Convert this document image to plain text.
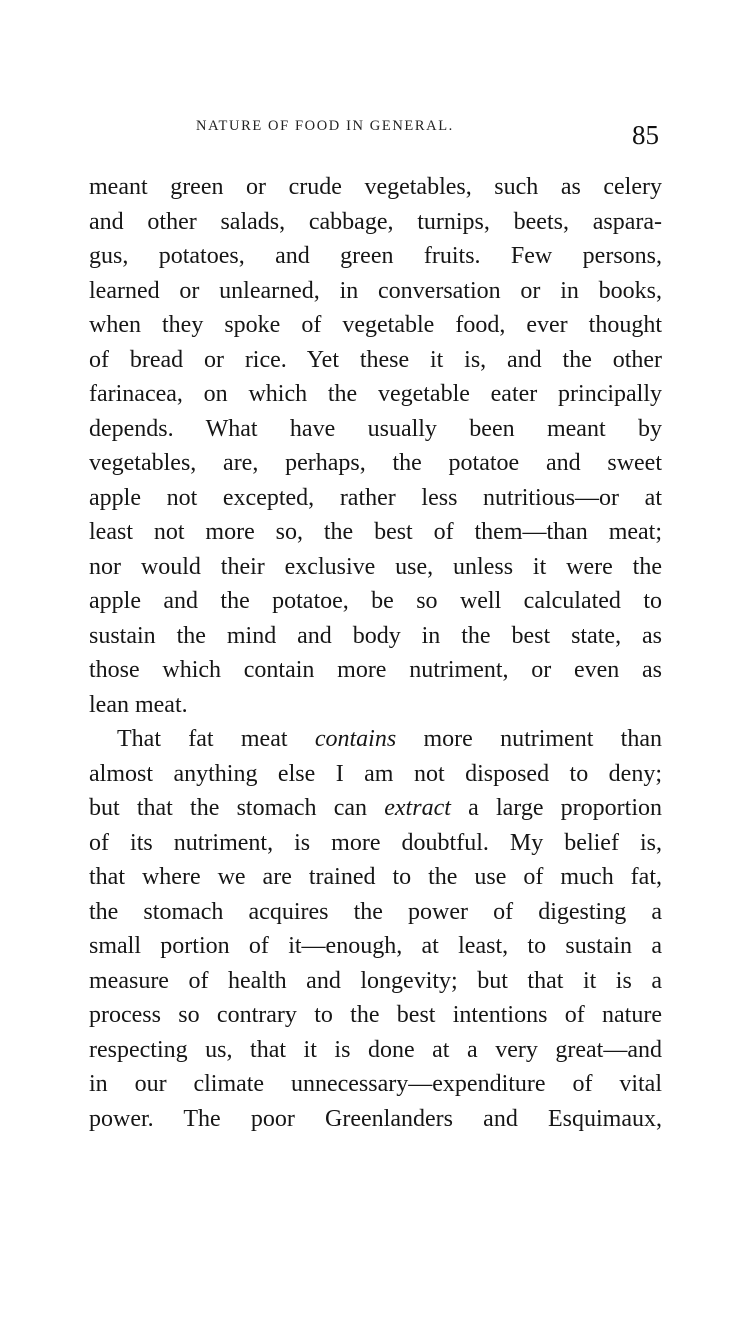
NATURE OF FOOD IN GENERAL.	85
meant green or crude vegetables, such as celery
and other salads, cabbage, turnips, beets, aspara-
gus, potatoes, and green fruits. Few persons,
learned or unlearned, in conversation or in books,
when they spoke of vegetable food, ever thought
of bread or rice. Yet these it is, and the other
farinacea, on which the vegetable eater principally
depends. What have usually been meant by
vegetables, are, perhaps, the potatoe and sweet
apple not excepted, rather less nutritious—or at
least not more so, the best of them—than meat;
nor would their exclusive use, unless it were the
apple and the potatoe, be so well calculated to
sustain the mind and body in the best state, as
those which contain more nutriment, or even as
lean meat.
That fat meat contains more nutriment than
almost anything else I am not disposed to deny;
but that the stomach can extract a large proportion
of its nutriment, is more doubtful. My belief is,
that where we are trained to the use of much fat,
the stomach acquires the power of digesting a
small portion of it—enough, at least, to sustain a
measure of health and longevity; but that it is a
process so contrary to the best intentions of nature
respecting us, that it is done at a very great—and
in our climate unnecessary—expenditure of vital
power. The poor Greenlanders and Esquimaux,
